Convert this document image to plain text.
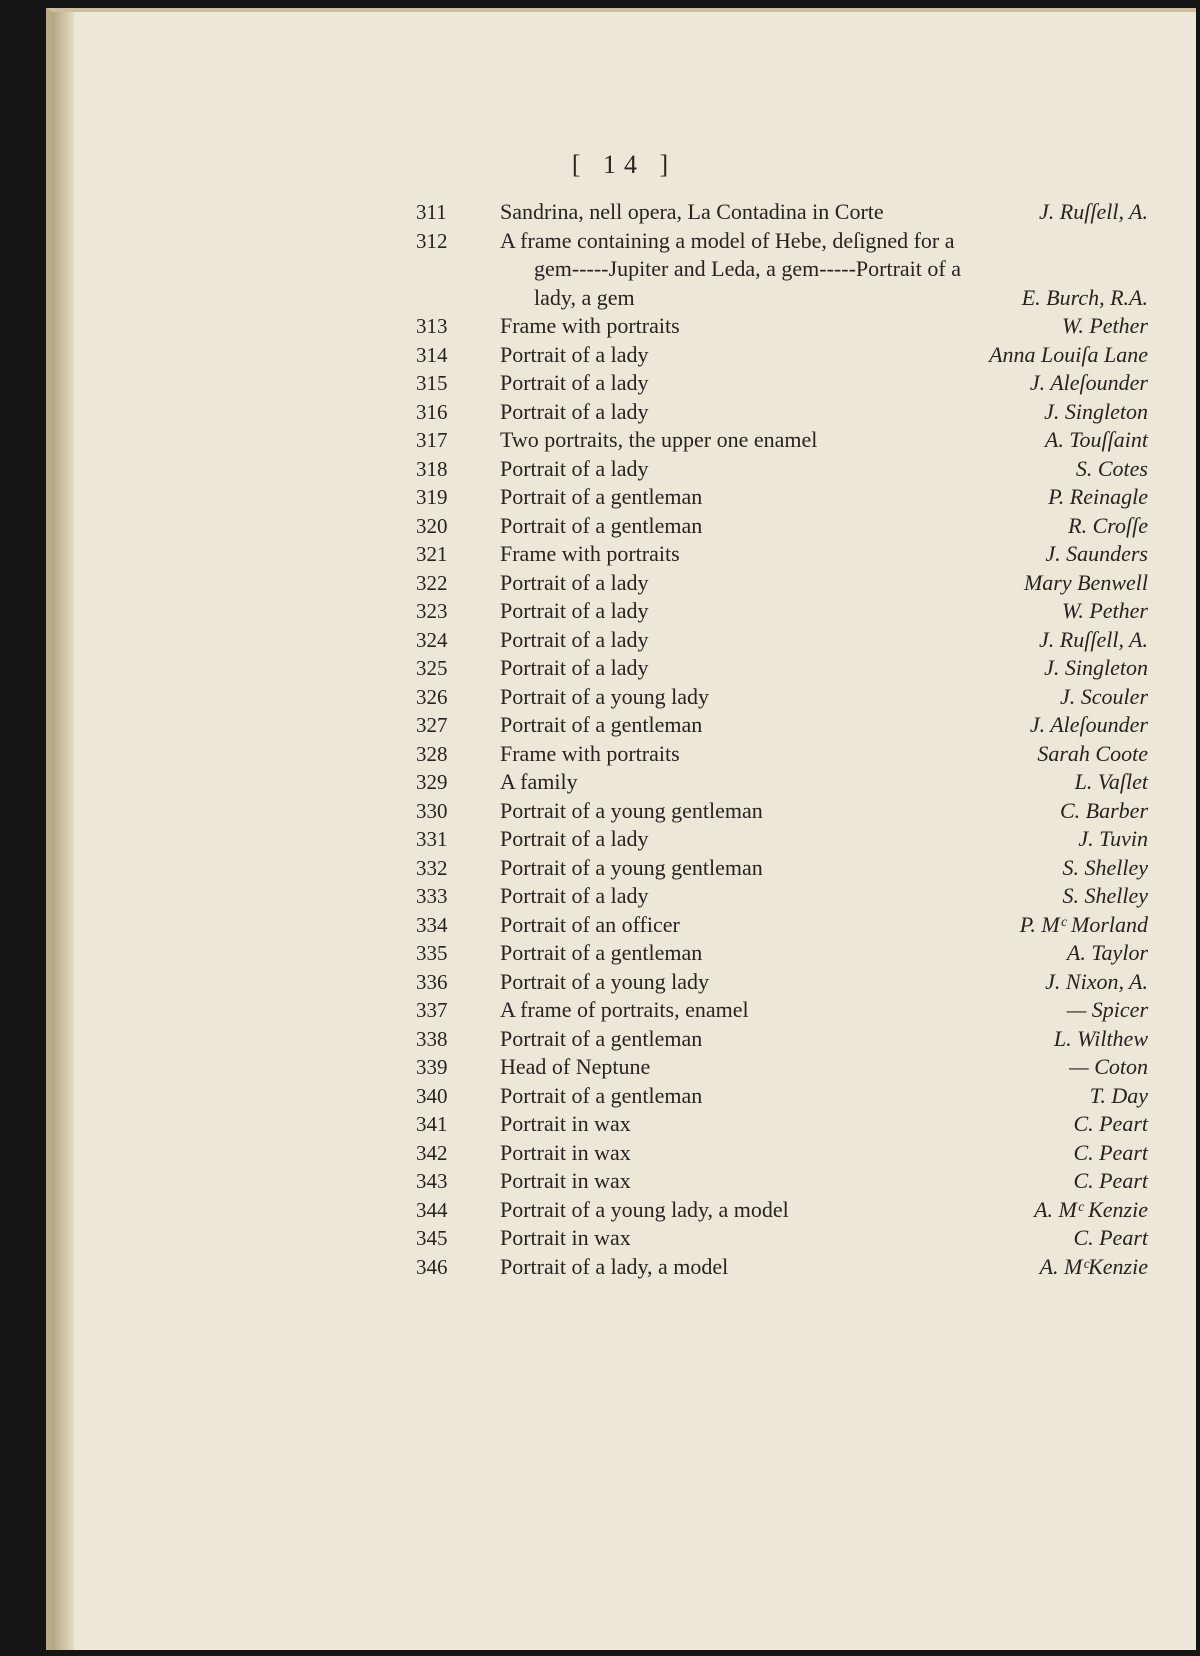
[ 14 ]
311	Sandrina, nell opera, La Contadina in Corte	J. Ruſſell, A.
312 A frame containing a model of Hebe, deſigned for a
gem-----Jupiter and Leda, a gem-----Portrait of a
lady, a gem	E. Burch, R.A.
313	Frame with portraits	W. Pether
314	Portrait of a lady	Anna Louiſa Lane
315	Portrait of a lady	J. Aleſounder
316	Portrait of a lady	J. Singleton
317	Two portraits, the upper one enamel	A. Touſſaint
318	Portrait of a lady	S. Cotes
319	Portrait of a gentleman	P. Reinagle
320	Portrait of a gentleman	R. Croſſe
321	Frame with portraits	J. Saunders
322	Portrait of a lady	Mary Benwell
323	Portrait of a lady	W. Pether
324	Portrait of a lady	J. Ruſſell, A.
325	Portrait of a lady	J. Singleton
326	Portrait of a young lady	J. Scouler
327	Portrait of a gentleman	J. Aleſounder
328	Frame with portraits	Sarah Coote
329	A family	L. Vaſlet
330	Portrait of a young gentleman	C. Barber
331	Portrait of a lady	J. Tuvin
332	Portrait of a young gentleman	S. Shelley
333	Portrait of a lady	S. Shelley
334	Portrait of an officer	P. Mᶜ Morland
335	Portrait of a gentleman	A. Taylor
336	Portrait of a young lady	J. Nixon, A.
337	A frame of portraits, enamel	— Spicer
338	Portrait of a gentleman	L. Wilthew
339	Head of Neptune	— Coton
340	Portrait of a gentleman	T. Day
341	Portrait in wax	C. Peart
342	Portrait in wax	C. Peart
343	Portrait in wax	C. Peart
344	Portrait of a young lady, a model	A. Mᶜ Kenzie
345	Portrait in wax	C. Peart
346	Portrait of a lady, a model	A. MᶜKenzie
